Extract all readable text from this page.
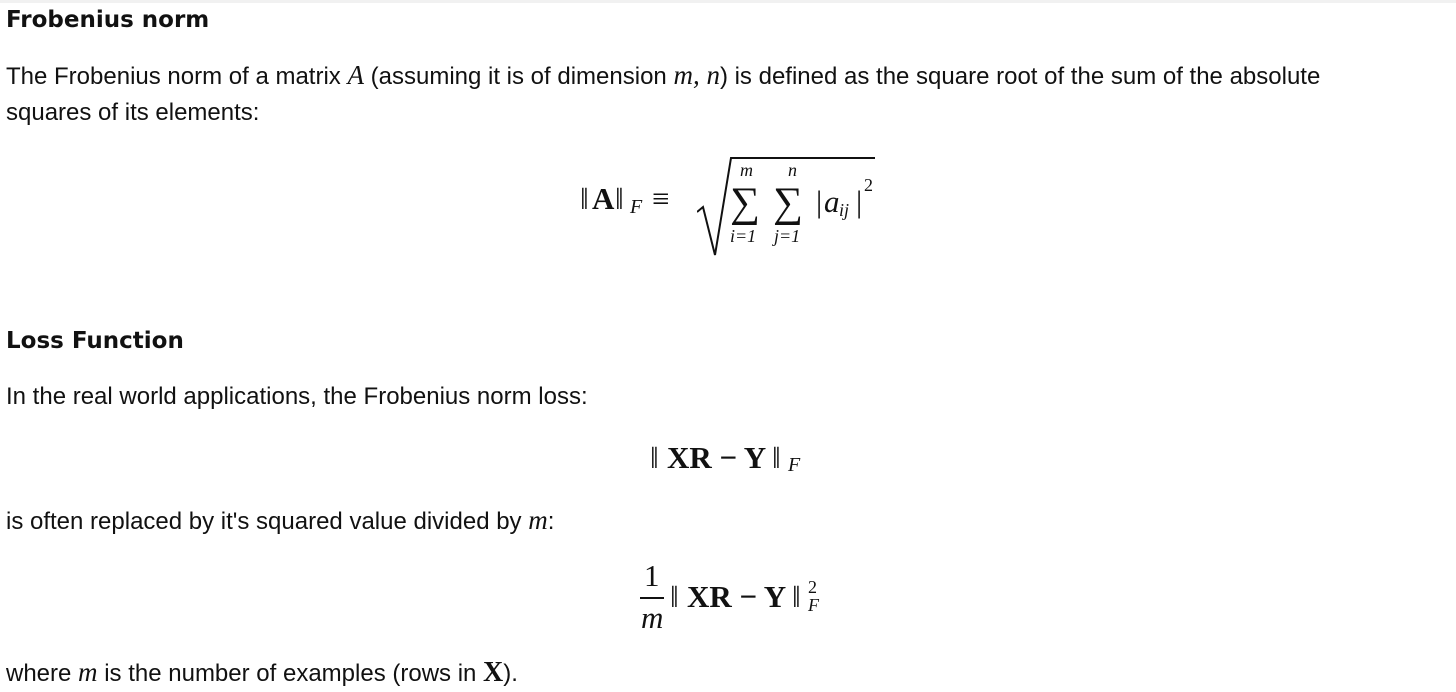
Frobenius norm

The Frobenius norm of a matrix A (assuming it is of dimension m, n) is defined as the square root of the sum of the absolute

squares of its elements:

‖ A ‖ F ≡
m
∑
i=1
n
∑
j=1
| a ij | 2
Loss Function

In the real world applications, the Frobenius norm loss:

‖ XR − Y ‖ F

is often replaced by it's squared value divided by m:

1
m
‖ XR − Y ‖ 2
F

where m is the number of examples (rows in X).
